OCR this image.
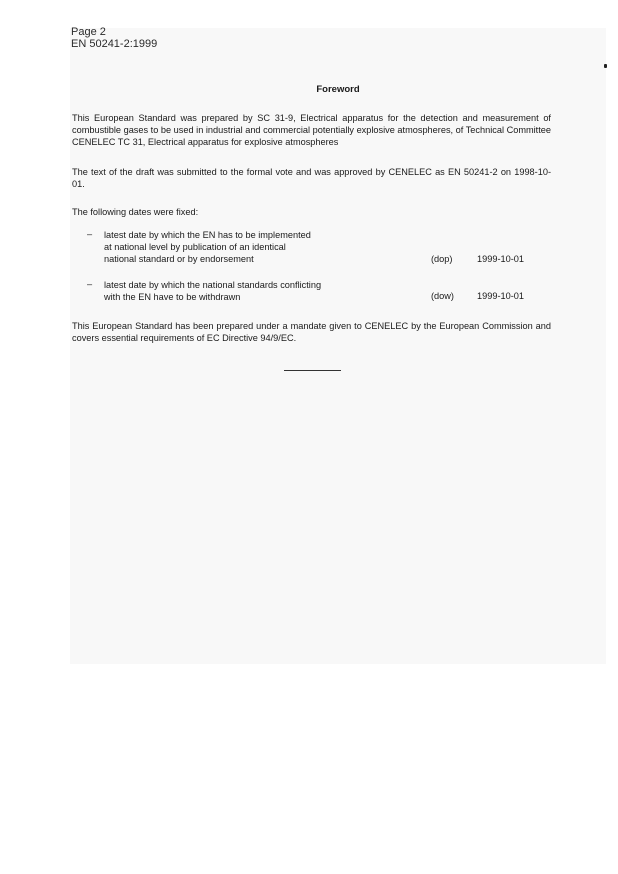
Page 2
EN 50241-2:1999
Foreword
This European Standard was prepared by SC 31-9, Electrical apparatus for the detection and measurement of combustible gases to be used in industrial and commercial potentially explosive atmospheres, of Technical Committee CENELEC TC 31, Electrical apparatus for explosive atmospheres
The text of the draft was submitted to the formal vote and was approved by CENELEC as EN 50241-2 on 1998-10-01.
The following dates were fixed:
– latest date by which the EN has to be implemented
at national level by publication of an identical
national standard or by endorsement	(dop)	1999-10-01
– latest date by which the national standards conflicting
with the EN have to be withdrawn	(dow)	1999-10-01
This European Standard has been prepared under a mandate given to CENELEC by the European Commission and covers essential requirements of EC Directive 94/9/EC.
